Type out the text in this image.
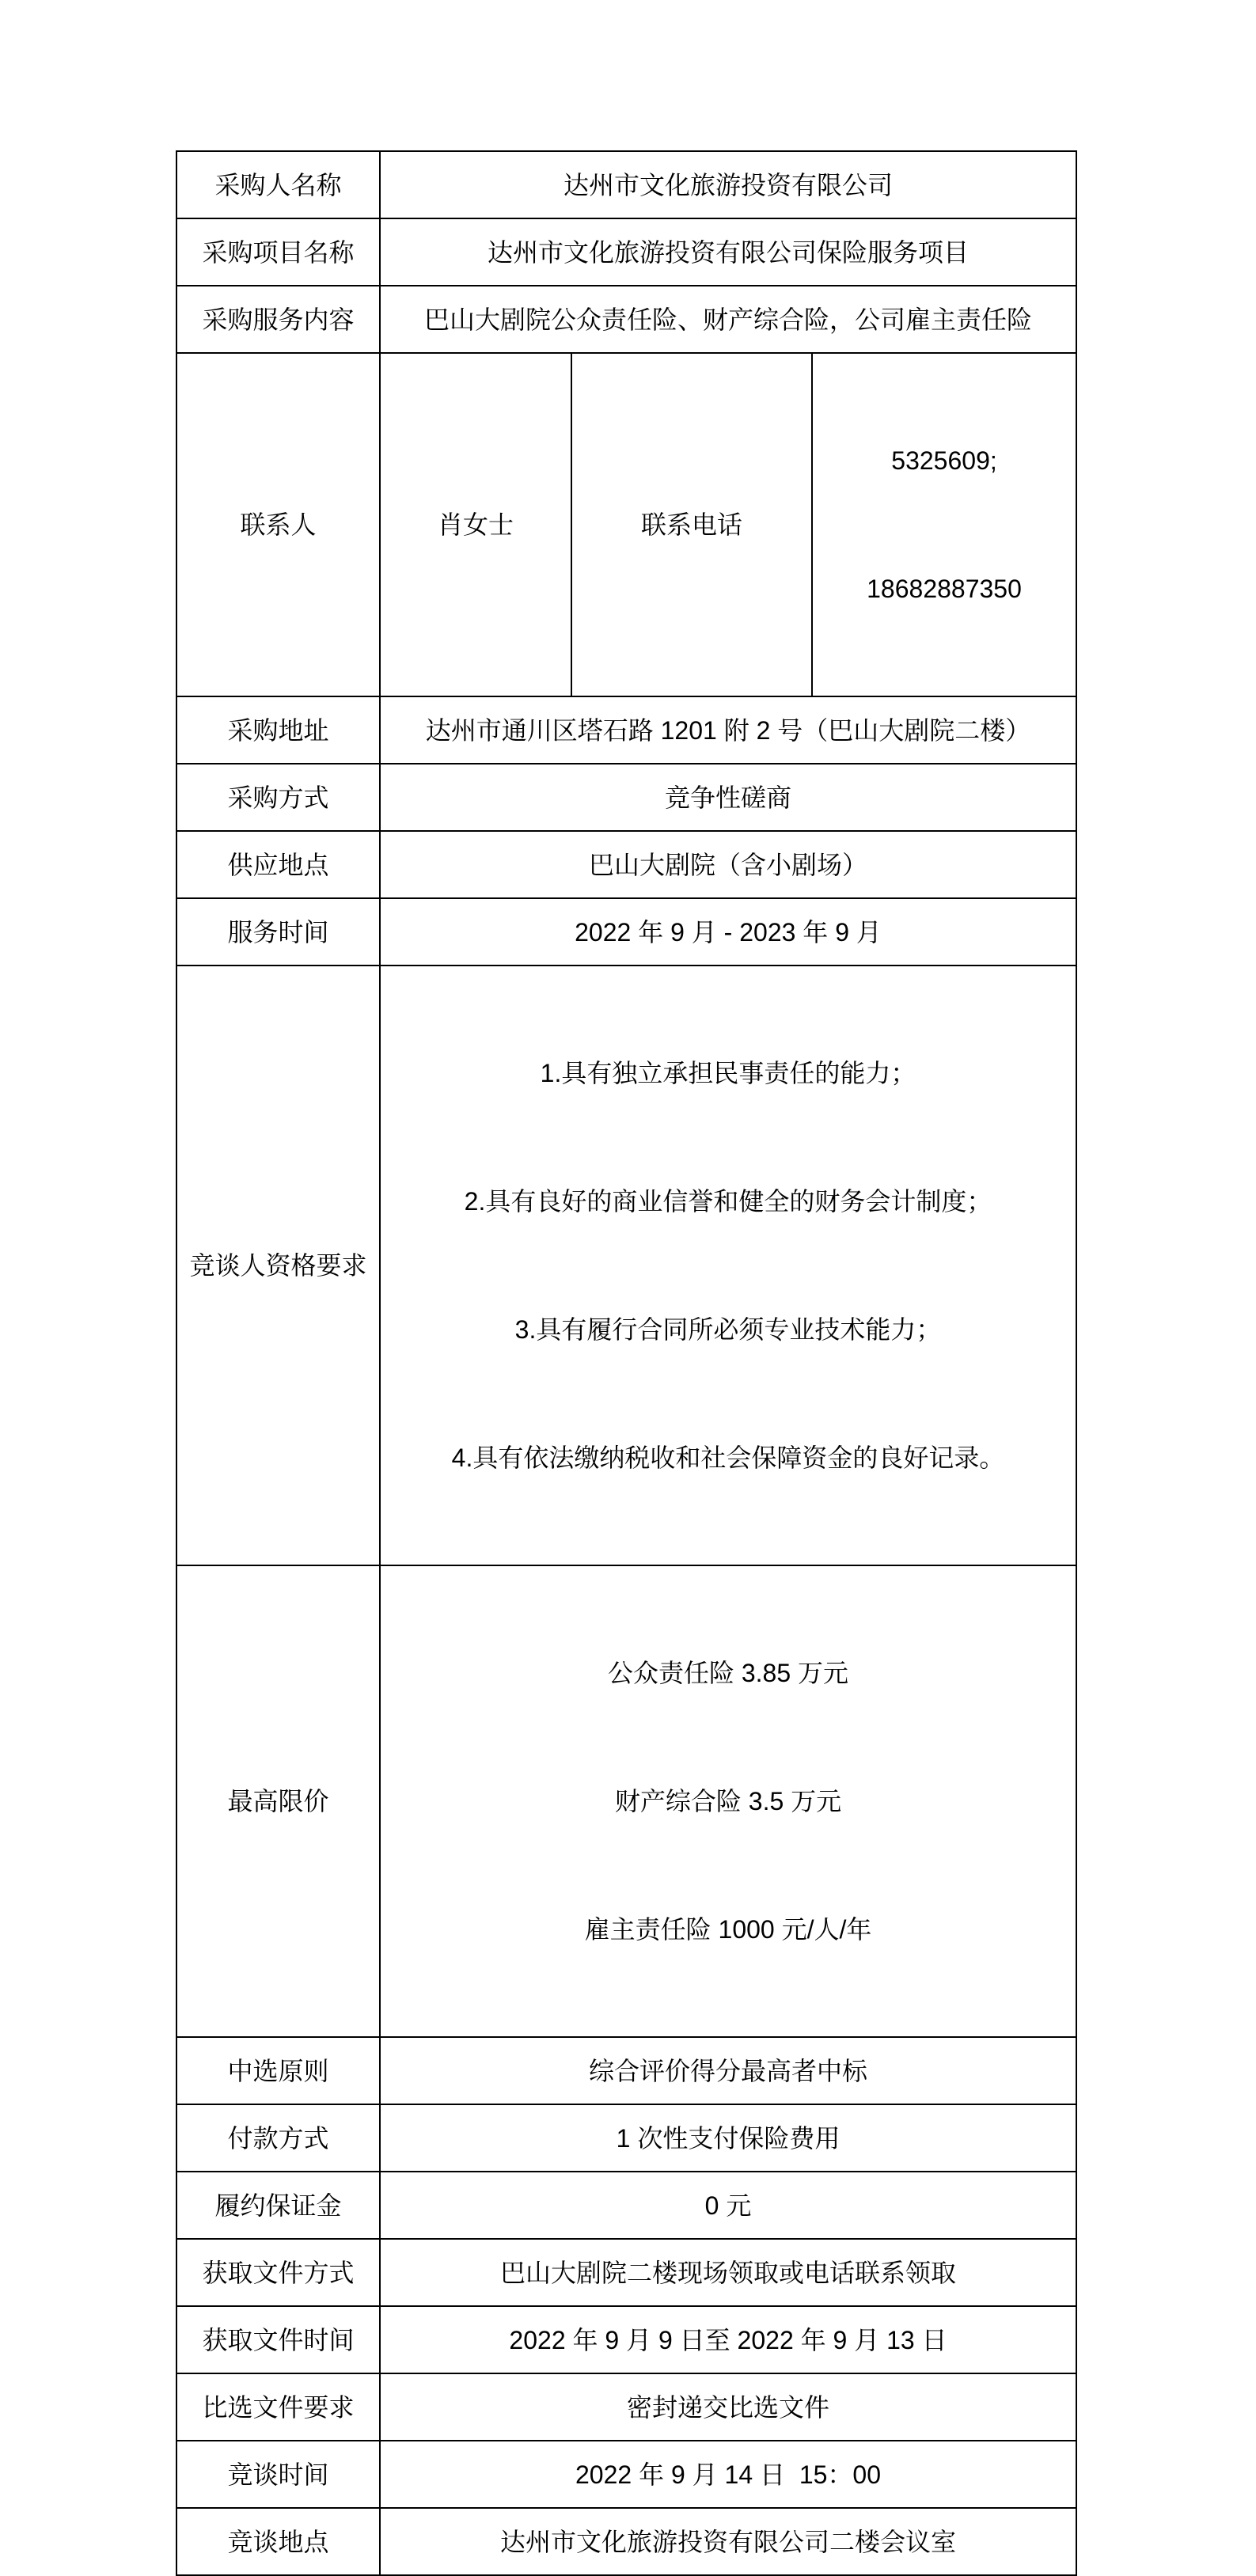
采购人名称	达州市文化旅游投资有限公司		
采购项目名称	达州市文化旅游投资有限公司保险服务项目		
采购服务内容	巴山大剧院公众责任险、财产综合险，公司雇主责任险		
联系人	肖女士	联系电话	5325609;

18682887350

采购地址	达州市通川区塔石路 1201 附 2 号（巴山大剧院二楼）		
采购方式	竞争性磋商		
供应地点	巴山大剧院（含小剧场）		
服务时间	2022 年 9 月 - 2023 年 9 月		
竞谈人资格要求	1.具有独立承担民事责任的能力；

2.具有良好的商业信誉和健全的财务会计制度；

3.具有履行合同所必须专业技术能力；

4.具有依法缴纳税收和社会保障资金的良好记录。		

最高限价	公众责任险 3.85 万元

财产综合险 3.5 万元

雇主责任险 1000 元/人/年		

中选原则	综合评价得分最高者中标		
付款方式	1 次性支付保险费用		
履约保证金	0 元		
获取文件方式	巴山大剧院二楼现场领取或电话联系领取		
获取文件时间	2022 年 9 月 9 日至 2022 年 9 月 13 日		
比选文件要求	密封递交比选文件		
竞谈时间	2022 年 9 月 14 日  15：00		
竞谈地点	达州市文化旅游投资有限公司二楼会议室		
